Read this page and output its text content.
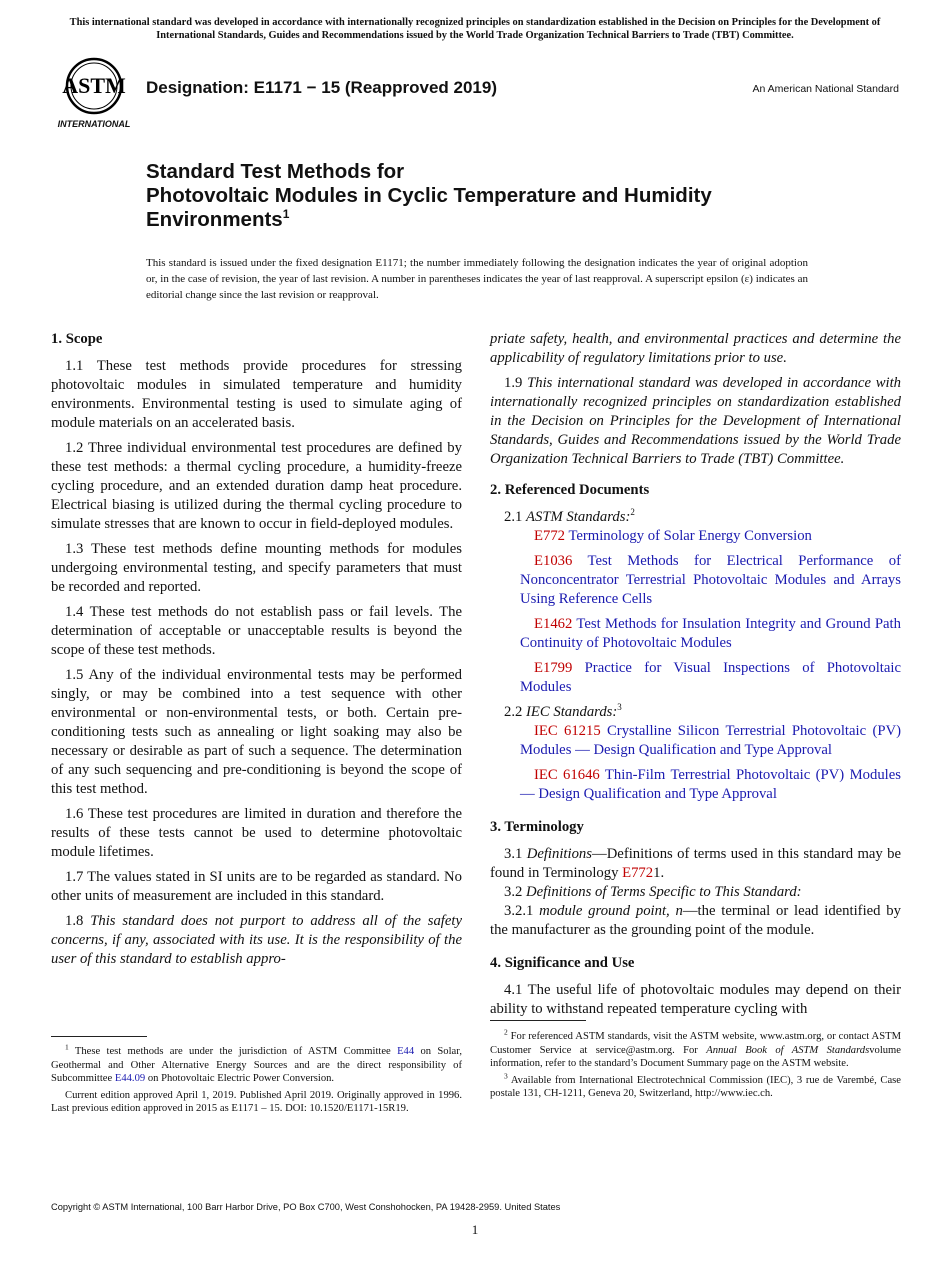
This international standard was developed in accordance with internationally recognized principles on standardization established in the Decision on Principles for the Development of International Standards, Guides and Recommendations issued by the World Trade Organization Technical Barriers to Trade (TBT) Committee.
ASTM
INTERNATIONAL
Designation: E1171 − 15 (Reapproved 2019)	An American National Standard
Standard Test Methods for
Photovoltaic Modules in Cyclic Temperature and Humidity
Environments$^1$
This standard is issued under the fixed designation E1171; the number immediately following the designation indicates the year of original adoption or, in the case of revision, the year of last revision. A number in parentheses indicates the year of last reapproval. A superscript epsilon (ε) indicates an editorial change since the last revision or reapproval.
1. Scope

1.1 These test methods provide procedures for stressing photovoltaic modules in simulated temperature and humidity environments. Environmental testing is used to simulate aging of module materials on an accelerated basis.

1.2 Three individual environmental test procedures are defined by these test methods: a thermal cycling procedure, a humidity-freeze cycling procedure, and an extended duration damp heat procedure. Electrical biasing is utilized during the thermal cycling procedure to simulate stresses that are known to occur in field-deployed modules.

1.3 These test methods define mounting methods for modules undergoing environmental testing, and specify parameters that must be recorded and reported.

1.4 These test methods do not establish pass or fail levels. The determination of acceptable or unacceptable results is beyond the scope of these test methods.

1.5 Any of the individual environmental tests may be performed singly, or may be combined into a test sequence with other environmental or non-environmental tests, or both. Certain pre-conditioning tests such as annealing or light soaking may also be necessary or desirable as part of such a sequence. The determination of any such sequencing and pre-conditioning is beyond the scope of this test method.

1.6 These test procedures are limited in duration and therefore the results of these tests cannot be used to determine photovoltaic module lifetimes.

1.7 The values stated in SI units are to be regarded as standard. No other units of measurement are included in this standard.

1.8 This standard does not purport to address all of the safety concerns, if any, associated with its use. It is the responsibility of the user of this standard to establish appro-

priate safety, health, and environmental practices and determine the applicability of regulatory limitations prior to use.

1.9 This international standard was developed in accordance with internationally recognized principles on standardization established in the Decision on Principles for the Development of International Standards, Guides and Recommendations issued by the World Trade Organization Technical Barriers to Trade (TBT) Committee.

2. Referenced Documents
2.1 ASTM Standards:$^2$

E772 Terminology of Solar Energy Conversion

E1036 Test Methods for Electrical Performance of Nonconcentrator Terrestrial Photovoltaic Modules and Arrays Using Reference Cells

E1462 Test Methods for Insulation Integrity and Ground Path Continuity of Photovoltaic Modules

E1799 Practice for Visual Inspections of Photovoltaic Modules

2.2 IEC Standards:$^3$

IEC 61215 Crystalline Silicon Terrestrial Photovoltaic (PV) Modules — Design Qualification and Type Approval

IEC 61646 Thin-Film Terrestrial Photovoltaic (PV) Modules — Design Qualification and Type Approval

3. Terminology

3.1 Definitions—Definitions of terms used in this standard may be found in Terminology E7721.

3.2 Definitions of Terms Specific to This Standard:

3.2.1 module ground point, n—the terminal or lead identified by the manufacturer as the grounding point of the module.

4. Significance and Use

4.1 The useful life of photovoltaic modules may depend on their ability to withstand repeated temperature cycling with

$^1$ These test methods are under the jurisdiction of ASTM Committee E44 on Solar, Geothermal and Other Alternative Energy Sources and are the direct responsibility of Subcommittee E44.09 on Photovoltaic Electric Power Conversion.

Current edition approved April 1, 2019. Published April 2019. Originally approved in 1996. Last previous edition approved in 2015 as E1171 – 15. DOI: 10.1520/E1171-15R19.

$^2$ For referenced ASTM standards, visit the ASTM website, www.astm.org, or contact ASTM Customer Service at service@astm.org. For Annual Book of ASTM Standardsvolume information, refer to the standard’s Document Summary page on the ASTM website.

$^3$ Available from International Electrotechnical Commission (IEC), 3 rue de Varembé, Case postale 131, CH-1211, Geneva 20, Switzerland, http://www.iec.ch.

Copyright © ASTM International, 100 Barr Harbor Drive, PO Box C700, West Conshohocken, PA 19428-2959. United States
1
